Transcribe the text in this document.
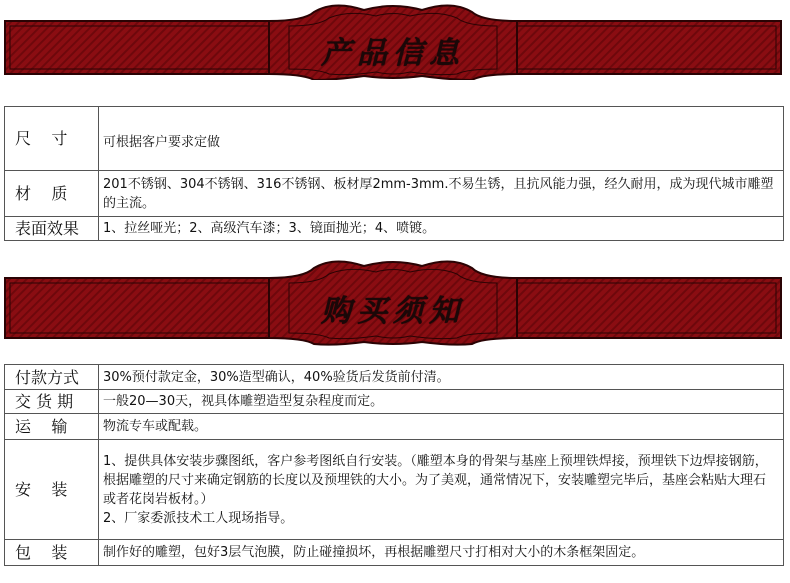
产品信息
尺    寸	可根据客户要求定做

材    质	201不锈钢、304不锈钢、316不锈钢、板材厚2mm-3mm.不易生锈，且抗风能力强，经久耐用，成为现代城市雕塑的主流。

表面效果	1、拉丝哑光；2、高级汽车漆；3、镜面抛光；4、喷镀。

购买须知
付款方式	30%预付款定金，30%造型确认，40%验货后发货前付清。

交 货 期	一般20—30天，视具体雕塑造型复杂程度而定。

运    输	物流专车或配载。

安    装	1、提供具体安装步骤图纸，客户参考图纸自行安装。（雕塑本身的骨架与基座上预埋铁焊接，预埋铁下边焊接钢筋，根据雕塑的尺寸来确定钢筋的长度以及预埋铁的大小。为了美观，通常情况下，安装雕塑完毕后，基座会粘贴大理石或者花岗岩板材。）

2、厂家委派技术工人现场指导。

包    装	制作好的雕塑，包好3层气泡膜，防止碰撞损坏，再根据雕塑尺寸打相对大小的木条框架固定。
